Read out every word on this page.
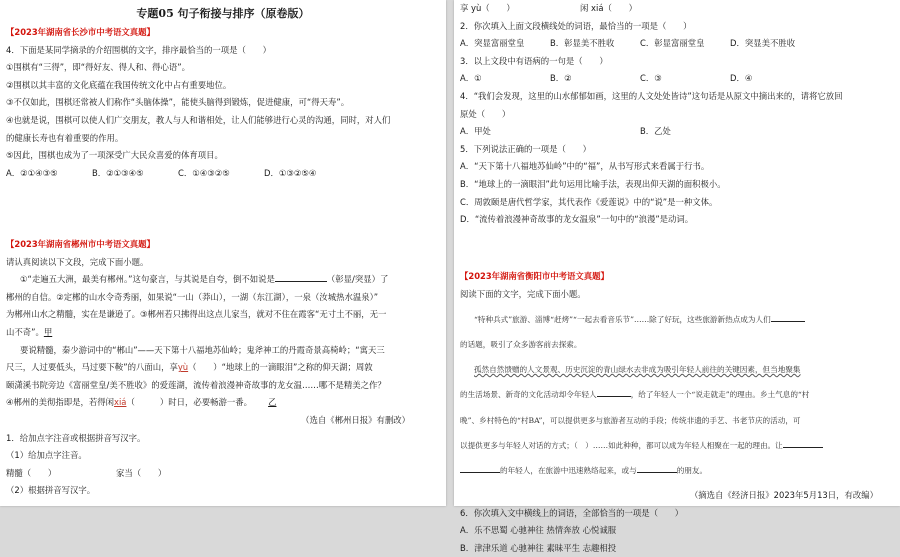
专题05 句子衔接与排序（原卷版）

【2023年湖南省长沙市中考语文真题】

4．下面是某同学摘录的介绍围棋的文字，排序最恰当的一项是（　　）

①围棋有“三得”，即“得好友、得人和、得心语”。

②围棋以其丰富的文化底蕴在我国传统文化中占有重要地位。

③不仅如此，围棋还常被人们称作“头脑体操”，能使头脑得到锻炼，促进健康，可“得天寿”。

④也就是说，围棋可以使人们广交朋友，教人与人和谐相处，让人们能够进行心灵的沟通，同时，对人们

的健康长寿也有着重要的作用。

⑤因此，围棋也成为了一项深受广大民众喜爱的体育项目。

A．②①④③⑤	B．②①③④⑤	C．①④③②⑤	D．①③②⑤④

【2023年湖南省郴州市中考语文真题】

请认真阅读以下文段，完成下面小题。

①“走遍五大洲，最美有郴州。”这句豪言，与其说是自夸，倒不如说是	（彰显/突显）了

郴州的自信。②定郴的山水令奇秀丽，如果说“一山（莽山），一湖（东江湖），一泉（汝城热水温泉）”

为郴州山水之精髓，实在是谦逊了。③郴州若只拂得出这点儿家当，就对不住在霞客“无寸土不丽，无一

山不奇”。甲

要说精髓，秦少游词中的“郴山”——天下第十八福地苏仙岭；鬼斧神工的丹霞奇景高椅岭；“寓天三

尺三，人过要低头，马过要下鞍”的八面山，享yù（　　）“地球上的一滴眼泪”之称的仰天湖；周敦

颐潇溪书院旁边《富丽堂皇/美不胜收》的爱莲湖，流传着浪漫神奇故事的龙女温……哪不是精美之作？

④郴州的美彻指即是，若得闲xiá（　　　）时日，必要畅游一番。 乙

（选自《郴州日报》有删改）

1．给加点字注音或根据拼音写汉字。

（1）给加点字注音。

精髓（　　）	家当（　　）

（2）根据拼音写汉字。

享 yù（　　）	闲 xiá（　　）

2．你次填入上面文段横线处的词语，最恰当的一项是（　　）

A．突显富丽堂皇	B．彰显美不胜收	C．彰显富丽堂皇	D．突显美不胜收

3．以上文段中有语病的一句是（　　）

A．①	B．②	C．③	D．④

4．“我们会发现，这里的山水郁郁如画，这里的人文处处皆诗”这句话是从原文中摘出来的，请将它放回

原处（　　）

A．甲处	B．乙处

5．下列说法正确的一项是（　　）

A．“天下第十八福地苏仙岭”中的“福”，从书写形式来看属于行书。

B．“地球上的一滴眼泪”此句运用比喻手法，表现出仰天湖的面积极小。

C．周敦颐是唐代哲学家，其代表作《爱莲说》中的“说”是一种文体。

D．“流传着浪漫神奇故事的龙女温泉”一句中的“浪漫”是动词。

【2023年湖南省衡阳市中考语文真题】

阅读下面的文字，完成下面小题。

“特种兵式”旅游、淄博“赶烤”“一起去看音乐节”……除了好玩，这些旅游新热点成为人们

的话题，吸引了众多游客前去探索。

孤然自然馈赠的人文景观、历史沉淀的青山绿水去非成为吸引年轻人前往的关键因素，但当地聚集

的生活场景、新奇的文化活动却令年轻人	，给了年轻人一个“说走就走”的理由。乡土气息的“村

晚”、乡村特色的“村BA”，可以提供更多与旅游者互动的手段；传统非遗的手艺、书老节庆的活动，可

以提供更多与年轻人对话的方式；（　）……如此种种，都可以成为年轻人相聚在一起的理由。让

的年轻人，在旅游中迅速熟络起来，或与	的朋友。

（摘选自《经济日报》2023年5月13日，有改编）

6．你次填入文中横线上的词语，全部恰当的一项是（　　）

A．乐不思蜀 心驰神往 热情奔放 心悦诚服

B．津津乐道 心驰神往 素昧平生 志趣相投
